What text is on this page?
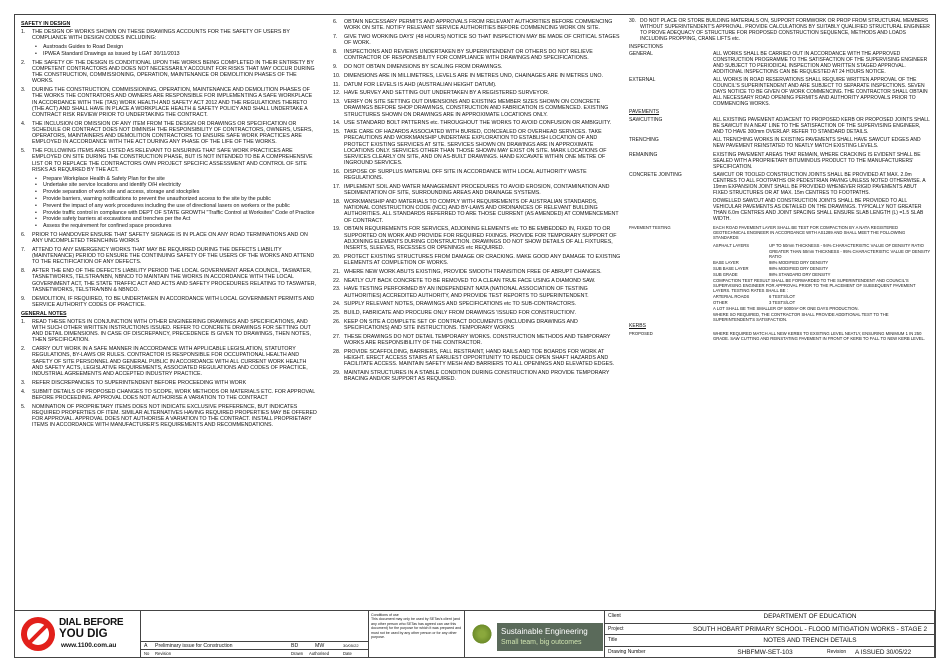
SAFETY IN DESIGN
1.	THE DESIGN OF WORKS SHOWN ON THESE DRAWINGS ACCOUNTS FOR THE SAFETY OF USERS BY COMPLIANCE WITH DESIGN CODES INCLUDING:
•	Austroads Guides to Road Design
•	IPWEA Standard Drawings as issued by LGAT 30/11/2013
2.	THE SAFETY OF THE DESIGN IS CONDITIONAL UPON THE WORKS BEING COMPLETED IN THEIR ENTIRETY BY COMPETENT CONTRACTORS AND DOES NOT NECESSARILY ACCOUNT FOR RISKS THAT MAY OCCUR DURING THE CONSTRUCTION, COMMISSIONING, OPERATION, MAINTENANCE OR DEMOLITION PHASES OF THE WORKS.
3.	DURING THE CONSTRUCTION, COMMISSIONING, OPERATION, MAINTENANCE AND DEMOLITION PHASES OF THE WORKS THE CONTRATORS AND OWNERS ARE RESPONSIBLE FOR IMPLEMENTING A SAFE WORKPLACE IN ACCORDANCE WITH THE (TAS) WORK HEALTH AND SAFETY ACT 2012 AND THE REGULATIONS THERETO (THE ACT) AND SHALL HAVE IN PLACE A WORKPLACE HEALTH & SAFETY POLICY AND SHALL UNDERTAKE A CONTRACT RISK REVIEW PRIOR TO UNDERTAKING THE CONTRACT.
4.	THE INCLUSION OR OMISSION OF ANY ITEM FROM THE DESIGN OR DRAWINGS OR SPECIFICATION OR SCHEDULE OR CONTRACT DOES NOT DIMINISH THE RESPONSIBILITY OF CONTRACTORS, OWNERS, USERS, OPERATORS, MAINTAINERS AND DEMOLITION CONTRACTORS TO ENSURE SAFE WORK PRACTICES ARE EMPLOYED IN ACCORDANCE WITH THE ACT DURING ANY PHASE OF THE LIFE OF THE WORKS.
5.	THE FOLLOWING ITEMS ARE LISTED AS RELEVANT TO ENSURING THAT SAFE WORK PRACTICES ARE EMPLOYED ON SITE DURING THE CONSTRUCTION PHASE, BUT IS NOT INTENDED TO BE A COMPREHENSIVE LIST OR TO REPLACE THE CONTRACTORS OWN PROJECT SPECIFIC ASSESSMENT AND CONTROL OF SITE RISKS AS REQUIRED BY THE ACT.
•	Prepare Workplace Health & Safety Plan for the site
•	Undertake site service locations and identify O/H electricity
•	Provide separation of work site and access, storage and stockpiles
•	Provide barriers, warning notifications to prevent the unauthorized access to the site by the public
•	Prevent the impact of any work procedures including the use of directional lasers on workers or the public
•	Provide traffic control in compliance with DEPT OF STATE GROWTH "Traffic Control at Worksites" Code of Practice
•	Provide safety barriers at excavations and trenches per the Act
•	Assess the requirement for confined space procedures
6.	PRIOR TO HANDOVER ENSURE THAT SAFETY SIGNAGE IS IN PLACE ON ANY ROAD TERMINATIONS AND ON ANY UNCOMPLETED TRENCHING WORKS
7.	ATTEND TO ANY EMERGENCY WORKS THAT MAY BE REQUIRED DURING THE DEFECTS LIABILITY (MAINTENANCE) PERIOD TO ENSURE THE CONTINUING SAFETY OF THE USERS OF THE WORKS AND ATTEND TO THE RECTIFICATION OF ANY DEFECTS.
8.	AFTER THE END OF THE DEFECTS LIABILITY PERIOD THE LOCAL GOVERNMENT AREA COUNCIL, TASWATER, TASNETWORKS, TELSTRA/NBN, NBNCO TO MAINTAIN THE WORKS IN ACCORDANCE WITH THE LOCAL GOVERNMENT ACT, THE STATE TRAFFIC ACT AND ACTS AND SAFETY PROCEDURES RELATING TO TASWATER, TASNETWORKS, TELSTRA/NBN & NBNCO.
9.	DEMOLITION, IF REQUIRED, TO BE UNDERTAKEN IN ACCORDANCE WITH LOCAL GOVERNMENT PERMITS AND SERVICE AUTHORITY CODES OF PRACTICE.
GENERAL NOTES
1.	READ THESE NOTES IN CONJUNCTION WITH OTHER ENGINEERING DRAWINGS AND SPECIFICATIONS, AND WITH SUCH OTHER WRITTEN INSTRUCTIONS ISSUED. REFER TO CONCRETE DRAWINGS FOR SETTING OUT AND DETAIL DIMENSIONS. IN CASE OF DISCREPANCY, PRECEDENCE IS GIVEN TO DRAWINGS, THEN NOTES, THEN SPECIFICATION.
2.	CARRY OUT WORK IN A SAFE MANNER IN ACCORDANCE WITH APPLICABLE LEGISLATION, STATUTORY REGULATIONS, BY-LAWS OR RULES. CONTRACTOR IS RESPONSIBLE FOR OCCUPATIONAL HEALTH AND SAFETY OF SITE PERSONNEL AND GENERAL PUBLIC IN ACCORDANCE WITH ALL CURRENT WORK HEALTH AND SAFETY ACTS, LEGISLATIVE REQUIREMENTS, ASSOCIATED REGULATIONS AND CODES OF PRACTICE, INDUSTRIAL AGREEMENTS AND ACCEPTED INDUSTRY PRACTICE.
3.	REFER DISCREPANCIES TO SUPERINTENDENT BEFORE PROCEEDING WITH WORK
4.	SUBMIT DETAILS OF PROPOSED CHANGES TO SCOPE, WORK METHODS OR MATERIALS ETC. FOR APPROVAL BEFORE PROCEEDING. APPROVAL DOES NOT AUTHORISE A VARIATION TO THE CONTRACT
5.	NOMINATION OF PROPRIETARY ITEMS DOES NOT INDICATE EXCLUSIVE PREFERENCE, BUT INDICATES REQUIRED PROPERTIES OF ITEM. SIMILAR ALTERNATIVES HAVING REQUIRED PROPERTIES MAY BE OFFERED FOR APPROVAL. APPROVAL DOES NOT AUTHORISE A VARIATION TO THE CONTRACT. INSTALL PROPRIETARY ITEMS IN ACCORDANCE WITH MANUFACTURER'S REQUIREMENTS AND RECOMMENDATIONS.
6.	OBTAIN NECESSARY PERMITS AND APPROVALS FROM RELEVANT AUTHORITIES BEFORE COMMENCING WORK ON SITE. NOTIFY RELEVANT SERVICE AUTHORITIES BEFORE COMMENCING WORK ON SITE.
7.	GIVE TWO WORKING DAYS' (48 HOURS) NOTICE SO THAT INSPECTION MAY BE MADE OF CRITICAL STAGES OF WORK.
8.	INSPECTIONS AND REVIEWS UNDERTAKEN BY SUPERINTENDENT OR OTHERS DO NOT RELIEVE CONTRACTOR OF RESPONSIBILITY FOR COMPLIANCE WITH DRAWINGS AND SPECIFICATIONS.
9.	DO NOT OBTAIN DIMENSIONS BY SCALING FROM DRAWINGS.
10. DIMENSIONS ARE IN MILLIMETRES, LEVELS ARE IN METRES UNO, CHAINAGES ARE IN METRES UNO.
11. DATUM FOR LEVELS IS AHD (AUSTRALIAN HEIGHT DATUM).
12. HAVE SURVEY AND SETTING OUT UNDERTAKEN BY A REGISTERED SURVEYOR.
13. VERIFY ON SITE SETTING OUT DIMENSIONS AND EXISTING MEMBER SIZES SHOWN ON CONCRETE DRAWINGS BEFORE SHOP DRAWINGS, CONSTRUCTION AND FABRICATION IS COMMENCED. EXISTING STRUCTURES SHOWN ON DRAWINGS ARE IN APPROXIMATE LOCATIONS ONLY.
14. USE STANDARD BOLT PATTERNS etc. THROUGHOUT THE WORKS TO AVOID CONFUSION OR AMBIGUITY.
15. TAKE CARE OF HAZARDS ASSOCIATED WITH BURIED, CONCEALED OR OVERHEAD SERVICES. TAKE PRECAUTIONS AND WORKMANSHIP UNDERTAKE EXPLORATION TO ESTABLISH LOCATION OF AND PROTECT EXISTING SERVICES AT SITE. SERVICES SHOWN ON DRAWINGS ARE IN APPROXIMATE LOCATIONS ONLY. SERVICES OTHER THAN THOSE SHOWN MAY EXIST ON SITE. MARK LOCATIONS OF SERVICES CLEARLY ON SITE, AND ON AS-BUILT DRAWINGS. HAND EXCAVATE WITHIN ONE METRE OF INGROUND SERVICES.
16. DISPOSE OF SURPLUS MATERIAL OFF SITE IN ACCORDANCE WITH LOCAL AUTHORITY WASTE REGULATIONS.
17. IMPLEMENT SOIL AND WATER MANAGEMENT PROCEDURES TO AVOID EROSION, CONTAMINATION AND SEDIMENTATION OF SITE, SURROUNDING AREAS AND DRAINAGE SYSTEMS.
18. WORKMANSHIP AND MATERIALS TO COMPLY WITH REQUIREMENTS OF AUSTRALIAN STANDARDS, NATIONAL CONSTRUCTION CODE (NCC) AND BY-LAWS AND ORDINANCES OF RELEVANT BUILDING AUTHORITIES. ALL STANDARDS REFERRED TO ARE THOSE CURRENT (AS AMENDED) AT COMMENCEMENT OF CONTRACT.
19. OBTAIN REQUIREMENTS FOR SERVICES, ADJOINING ELEMENTS etc TO BE EMBEDDED IN, FIXED TO OR SUPPORTED ON WORK AND PROVIDE FOR REQUIRED FIXINGS. PROVIDE FOR TEMPORARY SUPPORT OF ADJOINING ELEMENTS DURING CONSTRUCTION. DRAWINGS DO NOT SHOW DETAILS OF ALL FIXTURES, INSERTS, SLEEVES, RECESSES OR OPENINGS etc REQUIRED.
20. PROTECT EXISTING STRUCTURES FROM DAMAGE OR CRACKING. MAKE GOOD ANY DAMAGE TO EXISTING ELEMENTS AT COMPLETION OF WORKS.
21. WHERE NEW WORK ABUTS EXISTING, PROVIDE SMOOTH TRANSITION FREE OF ABRUPT CHANGES.
22. NEATLY CUT BACK CONCRETE TO BE REMOVED TO A CLEAN TRUE FACE USING A DIAMOND SAW.
23. HAVE TESTING PERFORMED BY AN INDEPENDENT NATA (NATIONAL ASSOCIATION OF TESTING AUTHORITIES) ACCREDITED AUTHORITY, AND PROVIDE TEST REPORTS TO SUPERINTENDENT.
24. SUPPLY RELEVANT NOTES, DRAWINGS AND SPECIFICATIONS etc TO SUB-CONTRACTORS.
25. BUILD, FABRICATE AND PROCURE ONLY FROM DRAWINGS 'ISSUED FOR CONSTRUCTION'.
26. KEEP ON SITE A COMPLETE SET OF CONTRACT DOCUMENTS (INCLUDING DRAWINGS AND SPECIFICATIONS) AND SITE INSTRUCTIONS. TEMPORARY WORKS
27. THESE DRAWINGS DO NOT DETAIL TEMPORARY WORKS. CONSTRUCTION METHODS AND TEMPORARY WORKS ARE RESPONSIBILITY OF THE CONTRACTOR.
28. PROVIDE SCAFFOLDING, BARRIERS, FALL RESTRAINT, HAND RAILS AND TOE BOARDS FOR WORK AT HEIGHT. ERECT ACCESS STAIRS AT EARLIEST OPPORTUNITY TO REDUCE OPEN SHAFT HAZARDS AND FACILITATE ACCESS. MAINTAIN SAFETY MESH AND BARRIERS TO ALL OPENINGS AND ELEVATED EDGES.
29. MAINTAIN STRUCTURES IN A STABLE CONDITION DURING CONSTRUCTION AND PROVIDE TEMPORARY BRACING AND/OR SUPPORT AS REQUIRED.
30. DO NOT PLACE OR STORE BUILDING MATERIALS ON, SUPPORT FORMWORK OR PROP FROM STRUCTURAL MEMBERS WITHOUT SUPERINTENDENT'S APPROVAL. PROVIDE CALCULATIONS BY SUITABLY QUALIFIED STRUCTURAL ENGINEER TO PROVE ADEQUACY OF STRUCTURE FOR PROPOSED CONSTRUCTION SEQUENCE, METHODS AND LOADS INCLUDING PROPPING, CRANE LIFTS etc.
INSPECTIONS
GENERAL	ALL WORKS SHALL BE CARRIED OUT IN ACCORDANCE WITH THE APPROVED CONSTRUCTION PROGRAMME TO THE SATISFACTION OF THE SUPERVISING ENGINEER AND SUBJECT TO PERIODICAL INSPECTION AND WRITTEN STAGED APPROVAL. ADDITIONAL INSPECTIONS CAN BE REQUESTED AT 24 HOURS NOTICE.
EXTERNAL	ALL WORKS IN ROAD RESERVATIONS SHALL REQUIRE WRITTEN APPROVAL OF THE COUNCIL'S SUPERINTENDENT AND ARE SUBJECT TO SEPARATE INSPECTIONS. SEVEN DAYS NOTICE TO BE GIVEN OF WORK COMMENCING. THE CONTRACTOR SHALL OBTAIN ALL NECESSARY ROAD OPENING PERMITS AND AUTHORITY APPROVALS PRIOR TO COMMENCING WORKS.
PAVEMENTS
SAWCUTTING	ALL EXISTING PAVEMENT ADJACENT TO PROPOSED KERB OR PROPOSED JOINTS SHALL BE SAWCUT IN A NEAT LINE TO THE SATISFACTION OF THE SUPERVISING ENGINEER, AND TO HAVE 300mm OVERLAP. REFER TO STANDARD DETAILS.
TRENCHING	ALL TRENCHING WORKS IN EXISTING PAVEMENTS SHALL HAVE SAWCUT EDGES AND NEW PAVEMENT REINSTATED TO NEATLY MATCH EXISTING LEVELS.
REMAINING	EXISTING PAVEMENT AREAS THAT REMAIN, WHERE CRACKING IS EVIDENT SHALL BE SEALED WITH A PROPRIETARY BITUMINOUS PRODUCT TO THE MANUFACTURERS' SPECIFICATION.
CONCRETE JOINTING	SAWCUT OR TOOLED CONSTRUCTION JOINTS SHALL BE PROVIDED AT MAX. 2.0m CENTRES TO ALL FOOTPATHS OR PEDESTRIAN PAVING UNLESS NOTED OTHERWISE. A 19mm EXPANSION JOINT SHALL BE PROVIDED WHENEVER RIGID PAVEMENTS ABUT FIXED STRUCTURES OR AT MAX. 15m CENTRES TO FOOTPATHS.
DOWELLED SAWCUT AND CONSTRUCTION JOINTS SHALL BE PROVIDED TO ALL VEHICULAR PAVEMENTS AS DETAILED ON THE DRAWINGS. TYPICALLY NOT GREATER THAN 6.0m CENTRES AND JOINT SPACING SHALL ENSURE SLAB LENGTH (L) =1.5 SLAB WIDTH.
PAVEMENT TESTING	EACH ROAD PAVEMENT LAYER SHALL BE TEST FOR COMPACTION BY A NATA REGISTERED GEOTECHNICAL ENGINEER IN ACCORDANCE WITH AS1289 AND SHALL MEET THE FOLLOWING STANDARDS
ASPHALT LAYERS	UP TO 50mm THICKNESS - 94% CHARACTERISTIC VALUE OF DENSITY RATIO
GREATER THAN 50mm THICKNESS - 95% CHARACTERISTIC VALUE OF DENSITY RATIO
BASE LAYER	98% MODIFIED DRY DENSITY
SUB BASE LAYER	98% MODIFIED DRY DENSITY
SUB GRADE	98% STANDARD DRY DENSITY
COMPACTION TEST RESULT SHALL BE FORWARDED TO THE SUPERINTENDENT AND COUNCIL'S SUPERVISING ENGINEER FOR APPROVAL PRIOR TO THE PLACEMENT OF SUBSEQUENT PAVEMENT LAYERS. TESTING RATES SHALL BE :
ARTERIAL ROADS	6 TESTS/LOT
OTHER	3 TESTS/LOT
A LOT SHALL BE THE SMALLER OF 5000m² OR ONE DAYS PRODUCTION.
WHERE SO REQUIRED, THE CONTRACTOR SHALL PROVIDE ADDITIONAL TEST TO THE SUPERINTENDENT'S SATISFACTION.
KERBS
PROPOSED	WHERE REQUIRED MATCH ALL NEW KERBS TO EXISTING LEVEL NEATLY, ENSURING MINIMUM 1 IN 250 GRADE. SAW CUTTING AND REINSTATING PAVEMENT IN FRONT OF KERB TO FALL TO NEW KERB LEVEL.
DIAL BEFORE
YOU DIG
www.1100.com.au	A Preliminary issue for Construction	BD	MW	30/05/22
No Revision	Drawn Authorised	Date
Conditions of use
This document may only be used by SETas's client (and any other person who SETas has agreed can use this document) for the purpose for which it was prepared and must not be used by any other person or for any other purpose.
Sustainable Engineering
Small team, big outcomes
Client	DEPARTMENT OF EDUCATION
Project	SOUTH HOBART PRIMARY SCHOOL - FLOOD MITIGATION WORKS - STAGE 2
Title	NOTES AND TRENCH DETAILS
Drawing Number	SHBFMW-SET-103	Revision A ISSUED 30/05/22
